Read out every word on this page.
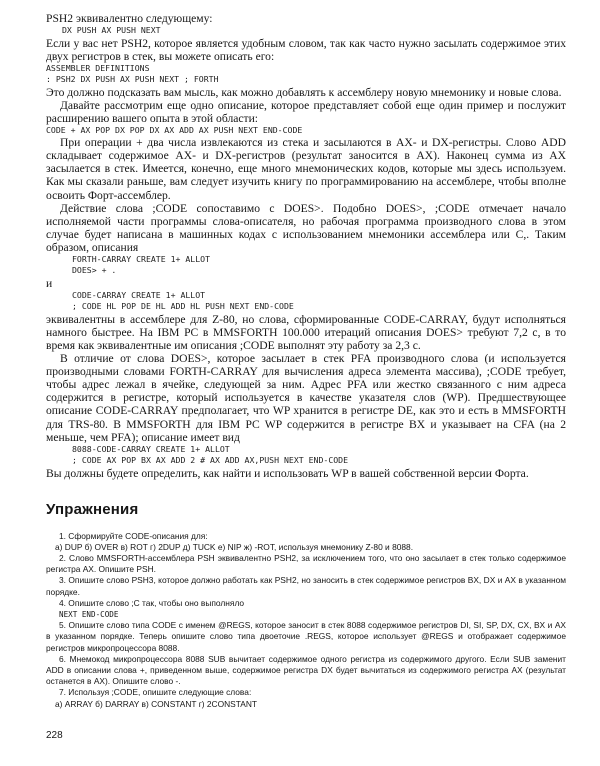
PSH2 эквивалентно следующему:

DX PUSH AX PUSH NEXT

Если у вас нет PSH2, которое является удобным словом, так как часто нужно засылать содержимое этих двух регистров в стек, вы можете описать его:

ASSEMBLER DEFINITIONS

: PSH2 DX PUSH AX PUSH NEXT ; FORTH

Это должно подсказать вам мысль, как можно добавлять к ассемблеру новую мнемонику и новые слова.

Давайте рассмотрим еще одно описание, которое представляет собой еще один пример и послужит расширению вашего опыта в этой области:

CODE + AX POP DX POP DX AX ADD AX PUSH NEXT END-CODE

При операции + два числа извлекаются из стека и засылаются в AX- и DX-регистры. Слово ADD складывает содержимое AX- и DX-регистров (результат заносится в AX). Наконец сумма из AX засылается в стек. Имеется, конечно, еще много мнемонических кодов, которые мы здесь используем. Как мы сказали раньше, вам следует изучить книгу по программированию на ассемблере, чтобы вполне освоить Форт-ассемблер.

Действие слова ;CODE сопоставимо с DOES>. Подобно DOES>, ;CODE отмечает начало исполняемой части программы слова-описателя, но рабочая программа производного слова в этом случае будет написана в машинных кодах с использованием мнемоники ассемблера или С,. Таким образом, описания

FORTH-CARRAY CREATE 1+ ALLOT

DOES> + .

и

CODE-CARRAY CREATE 1+ ALLOT

; CODE HL POP DE HL ADD HL PUSH NEXT END-CODE

эквивалентны в ассемблере для Z-80, но слова, сформированные CODE-CARRAY, будут исполняться намного быстрее. На IBM PC в MMSFORTH 100.000 итераций описания DOES> требуют 7,2 с, в то время как эквивалентные им описания ;CODE выполнят эту работу за 2,3 с.

В отличие от слова DOES>, которое засылает в стек PFA производного слова (и используется производными словами FORTH-CARRAY для вычисления адреса элемента массива), ;CODE требует, чтобы адрес лежал в ячейке, следующей за ним. Адрес PFA или жестко связанного с ним адреса содержится в регистре, который используется в качестве указателя слов (WP). Предшествующее описание CODE-CARRAY предполагает, что WP хранится в регистре DE, как это и есть в MMSFORTH для TRS-80. В MMSFORTH для IBM PC WP содержится в регистре BX и указывает на CFA (на 2 меньше, чем PFA); описание имеет вид

8088-CODE-CARRAY CREATE 1+ ALLOT

; CODE AX POP BX AX ADD 2 # AX ADD AX,PUSH NEXT END-CODE

Вы должны будете определить, как найти и использовать WP в вашей собственной версии Форта.

Упражнения

1. Сформируйте CODE-описания для:

а) DUP б) OVER в) ROT г) 2DUP д) TUCK е) NIP ж) -ROT, используя мнемонику Z-80 и 8088.

2. Слово MMSFORTH-ассемблера PSH эквивалентно PSH2, за исключением того, что оно засылает в стек только содержимое регистра AX. Опишите PSH.

3. Опишите слово PSH3, которое должно работать как PSH2, но заносить в стек содержимое регистров BX, DX и AX в указанном порядке.

4. Опишите слово ;С так, чтобы оно выполняло

NEXT END-CODE

5. Опишите слово типа CODE с именем @REGS, которое заносит в стек 8088 содержимое регистров DI, SI, SP, DX, CX, BX и AX в указанном порядке. Теперь опишите слово типа двоеточие .REGS, которое использует @REGS и отображает содержимое регистров микропроцессора 8088.

6. Мнемокод микропроцессора 8088 SUB вычитает содержимое одного регистра из содержимого другого. Если SUB заменит ADD в описании слова +, приведенном выше, содержимое регистра DX будет вычитаться из содержимого регистра AX (результат останется в AX). Опишите слово -.

7. Используя ;CODE, опишите следующие слова:

а) ARRAY б) DARRAY в) CONSTANT г) 2CONSTANT

228
